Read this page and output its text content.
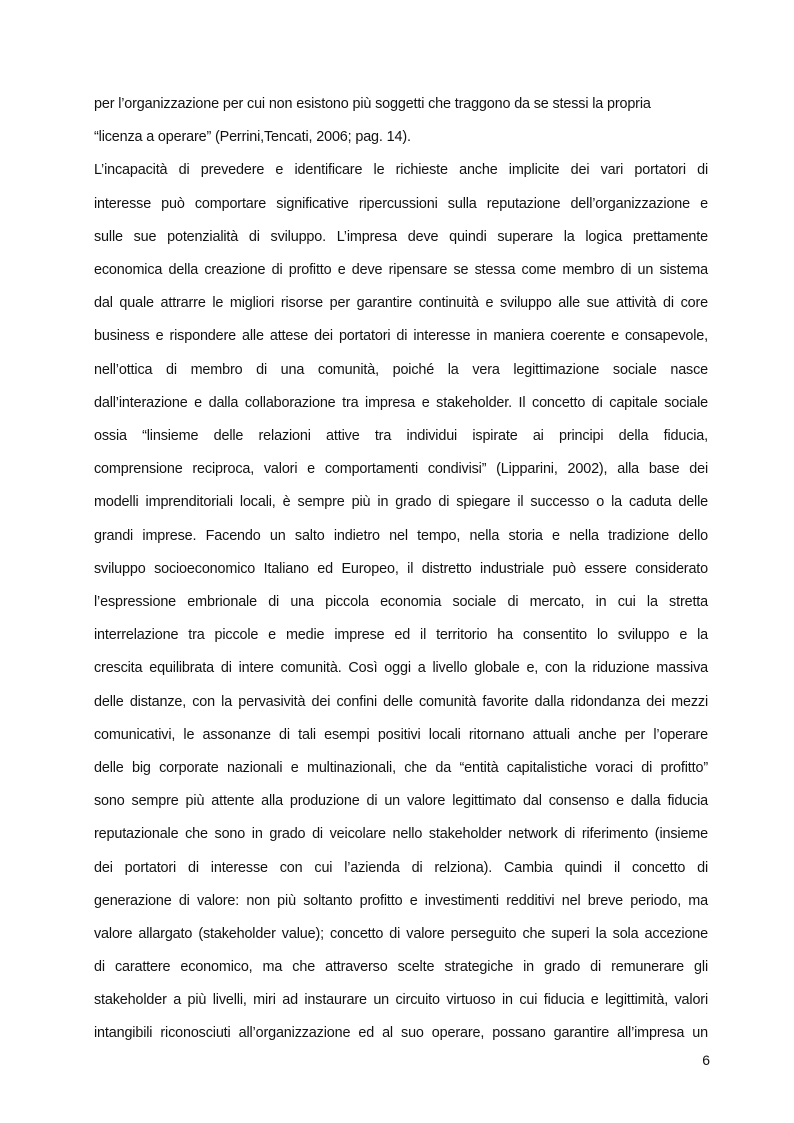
per l’organizzazione per cui non esistono più soggetti che traggono da se stessi la propria
“licenza a operare” (Perrini,Tencati, 2006; pag. 14).
L’incapacità di prevedere e identificare le richieste anche implicite dei vari portatori di
interesse può comportare significative ripercussioni sulla reputazione dell’organizzazione e
sulle sue potenzialità di sviluppo. L’impresa deve quindi superare la logica prettamente
economica della creazione di profitto e deve ripensare se stessa come membro di un sistema
dal quale attrarre le migliori risorse per garantire continuità e sviluppo alle sue attività di core
business e rispondere alle attese dei portatori di interesse in maniera coerente e consapevole,
nell’ottica di membro di una comunità, poiché la vera legittimazione sociale nasce
dall’interazione e dalla collaborazione tra impresa e stakeholder. Il concetto di capitale sociale
ossia “linsieme delle relazioni attive tra individui ispirate ai principi della fiducia,
comprensione reciproca, valori e comportamenti condivisi” (Lipparini, 2002), alla base dei
modelli imprenditoriali locali, è sempre più in grado di spiegare il successo o la caduta delle
grandi imprese. Facendo un salto indietro nel tempo, nella storia e nella tradizione dello
sviluppo socioeconomico Italiano ed Europeo, il distretto industriale può essere considerato
l’espressione embrionale di una piccola economia sociale di mercato, in cui la stretta
interrelazione tra piccole e medie imprese ed il territorio ha consentito lo sviluppo e la
crescita equilibrata di intere comunità. Così oggi a livello globale e, con la riduzione massiva
delle distanze, con la pervasività dei confini delle comunità favorite dalla ridondanza dei mezzi
comunicativi, le assonanze di tali esempi positivi locali ritornano attuali anche per l’operare
delle big corporate nazionali e multinazionali, che da “entità capitalistiche voraci di profitto”
sono sempre più attente alla produzione di un valore legittimato dal consenso e dalla fiducia
reputazionale che sono in grado di veicolare nello stakeholder network di riferimento (insieme
dei portatori di interesse con cui l’azienda di relziona). Cambia quindi il concetto di
generazione di valore: non più soltanto profitto e investimenti redditivi nel breve periodo, ma
valore allargato (stakeholder value); concetto di valore perseguito che superi la sola accezione
di carattere economico, ma che attraverso scelte strategiche in grado di remunerare gli
stakeholder a più livelli, miri ad instaurare un circuito virtuoso in cui fiducia e legittimità, valori
intangibili riconosciuti all’organizzazione ed al suo operare, possano garantire all’impresa un
6
